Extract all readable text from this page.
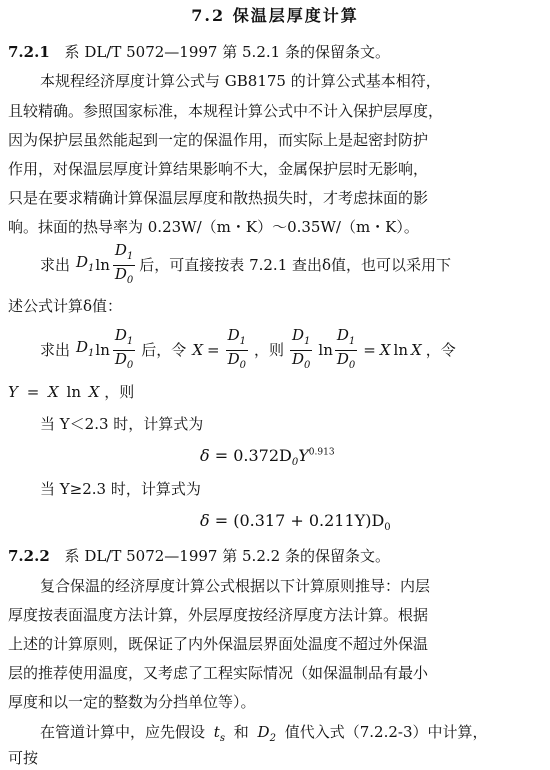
7.2 保温层厚度计算
7.2.1 系 DL/T 5072—1997 第 5.2.1 条的保留条文。
本规程经济厚度计算公式与 GB8175 的计算公式基本相符，
且较精确。参照国家标准，本规程计算公式中不计入保护层厚度，
因为保护层虽然能起到一定的保温作用，而实际上是起密封防护
作用，对保温层厚度计算结果影响不大，金属保护层时无影响，
只是在要求精确计算保温层厚度和散热损失时，才考虑抹面的影
响。抹面的热导率为 0.23W/（m・K）～0.35W/（m・K）。
求出 $D_1$ $\ln \frac{D_1}{D_0}$ 后，可直接按表 7.2.1 查出δ值，也可以采用下
述公式计算δ值：
求出 $D_1$ $\ln \frac{D_1}{D_0}$ 后，令 $X = \frac{D_1}{D_0}$ ，则 $\frac{D_1}{D_0}$ $\ln \frac{D_1}{D_0} = X$ ln X ，令
Y = X ln X ，则
当 Y＜2.3 时，计算式为
$\delta = 0.372D_0Y^{0.913}$
当 Y≥2.3 时，计算式为
$\delta = (0.317 + 0.211Y)D_0$
7.2.2 系 DL/T 5072—1997 第 5.2.2 条的保留条文。
复合保温的经济厚度计算公式根据以下计算原则推导：内层
厚度按表面温度方法计算，外层厚度按经济厚度方法计算。根据
上述的计算原则，既保证了内外保温层界面处温度不超过外保温
层的推荐使用温度，又考虑了工程实际情况（如保温制品有最小
厚度和以一定的整数为分挡单位等）。
在管道计算中，应先假设 $t_s$ 和 $D_2$ 值代入式（7.2.2-3）中计算，
可按
